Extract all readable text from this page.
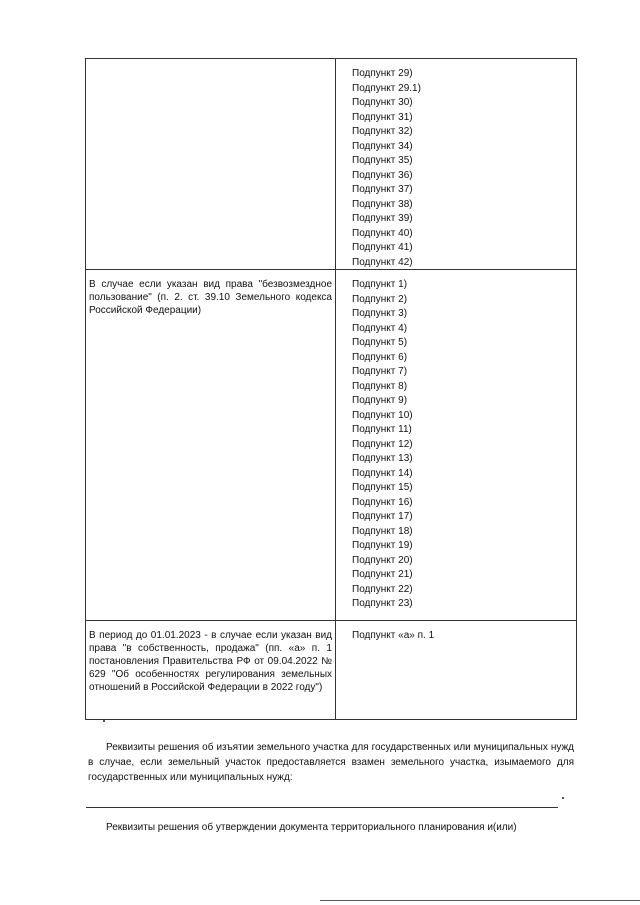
Подпункт 29)
Подпункт 29.1)
Подпункт 30)
Подпункт 31)
Подпункт 32)
Подпункт 34)
Подпункт 35)
Подпункт 36)
Подпункт 37)
Подпункт 38)
Подпункт 39)
Подпункт 40)
Подпункт 41)
Подпункт 42)
В случае если указан вид права "безвозмездное пользование" (п. 2. ст. 39.10 Земельного кодекса Российской Федерации)
Подпункт 1)
Подпункт 2)
Подпункт 3)
Подпункт 4)
Подпункт 5)
Подпункт 6)
Подпункт 7)
Подпункт 8)
Подпункт 9)
Подпункт 10)
Подпункт 11)
Подпункт 12)
Подпункт 13)
Подпункт 14)
Подпункт 15)
Подпункт 16)
Подпункт 17)
Подпункт 18)
Подпункт 19)
Подпункт 20)
Подпункт 21)
Подпункт 22)
Подпункт 23)
В период до 01.01.2023 - в случае если указан вид права "в собственность, продажа" (пп. «а» п. 1 постановления Правительства РФ от 09.04.2022 № 629 "Об особенностях регулирования земельных отношений в Российской Федерации в 2022 году")
Подпункт «а» п. 1
Реквизиты решения об изъятии земельного участка для государственных или муниципальных нужд в случае, если земельный участок предоставляется взамен земельного участка, изымаемого для государственных или муниципальных нужд:
Реквизиты решения об утверждении документа территориального планирования и(или)
